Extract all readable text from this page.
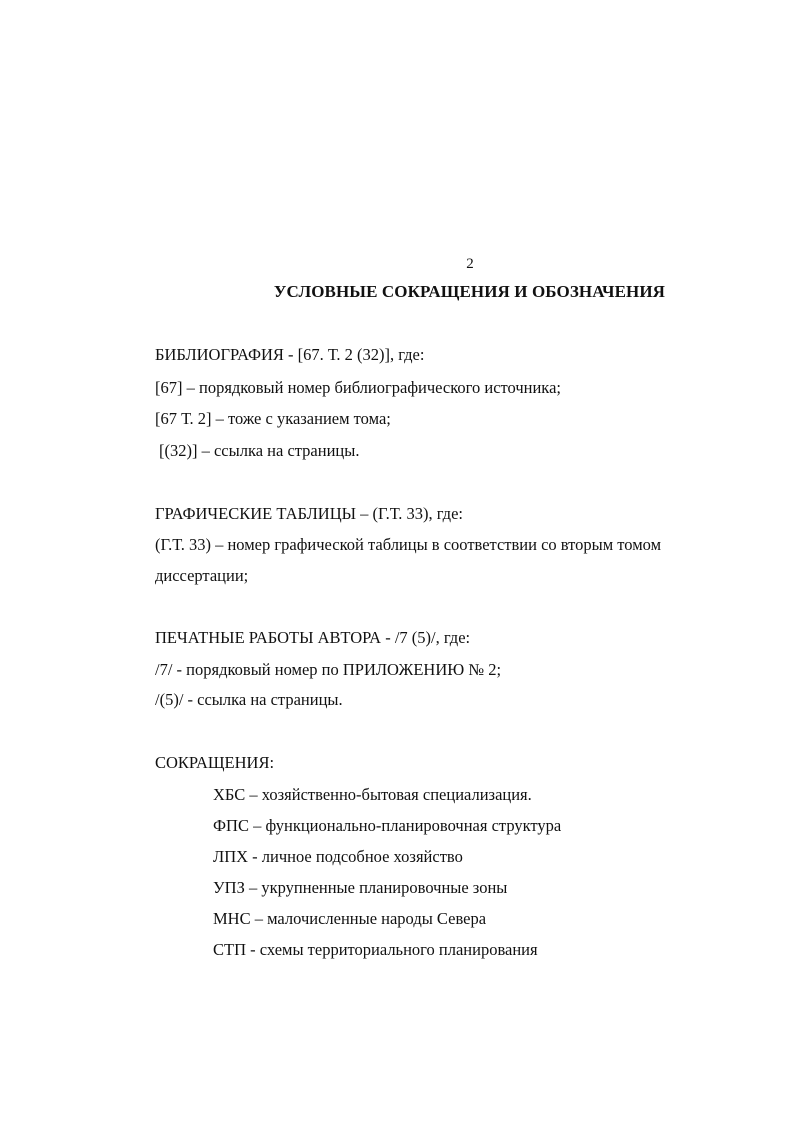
2
УСЛОВНЫЕ СОКРАЩЕНИЯ И ОБОЗНАЧЕНИЯ
БИБЛИОГРАФИЯ - [67. Т. 2 (32)], где:
[67] – порядковый номер библиографического источника;
[67 Т. 2] – тоже с указанием тома;
[(32)] – ссылка на страницы.
ГРАФИЧЕСКИЕ ТАБЛИЦЫ – (Г.Т. 33), где:
(Г.Т. 33) – номер графической таблицы в соответствии со вторым томом
диссертации;
ПЕЧАТНЫЕ РАБОТЫ АВТОРА - /7 (5)/, где:
/7/ - порядковый номер по ПРИЛОЖЕНИЮ № 2;
/(5)/ - ссылка на страницы.
СОКРАЩЕНИЯ:
ХБС – хозяйственно-бытовая специализация.
ФПС – функционально-планировочная структура
ЛПХ - личное подсобное хозяйство
УПЗ – укрупненные планировочные зоны
МНС – малочисленные народы Севера
СТП - схемы территориального планирования
